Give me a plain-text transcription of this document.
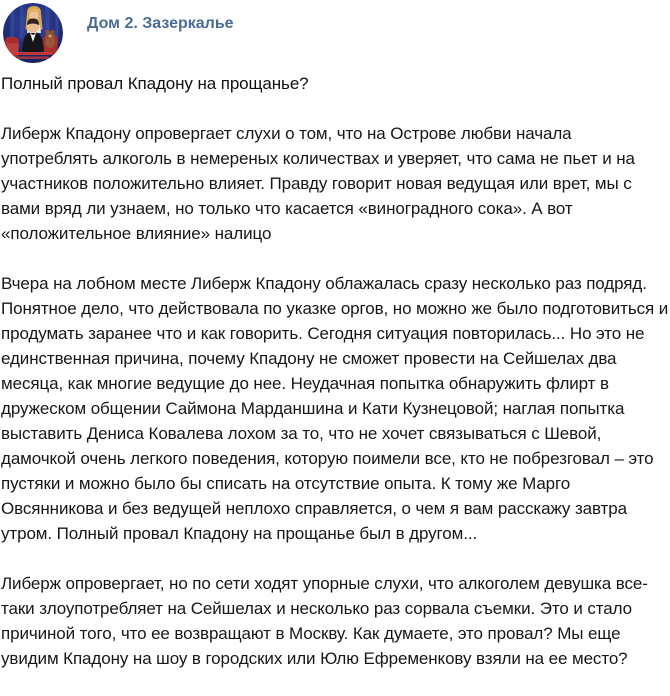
Дом 2. Зазеркалье

Полный провал Кпадону на прощанье?

Либерж Кпадону опровергает слухи о том, что на Острове любви начала употреблять алкоголь в немереных количествах и уверяет, что сама не пьет и на участников положительно влияет. Правду говорит новая ведущая или врет, мы с вами вряд ли узнаем, но только что касается «виноградного сока». А вот «положительное влияние» налицо

Вчера на лобном месте Либерж Кпадону облажалась сразу несколько раз подряд. Понятное дело, что действовала по указке оргов, но можно же было подготовиться и продумать заранее что и как говорить. Сегодня ситуация повторилась... Но это не единственная причина, почему Кпадону не сможет провести на Сейшелах два месяца, как многие ведущие до нее. Неудачная попытка обнаружить флирт в дружеском общении Саймона Марданшина и Кати Кузнецовой; наглая попытка выставить Дениса Ковалева лохом за то, что не хочет связываться с Шевой, дамочкой очень легкого поведения, которую поимели все, кто не побрезговал – это пустяки и можно было бы списать на отсутствие опыта. К тому же Марго Овсянникова и без ведущей неплохо справляется, о чем я вам расскажу завтра утром. Полный провал Кпадону на прощанье был в другом...

Либерж опровергает, но по сети ходят упорные слухи, что алкоголем девушка все-таки злоупотребляет на Сейшелах и несколько раз сорвала съемки. Это и стало причиной того, что ее возвращают в Москву. Как думаете, это провал? Мы еще увидим Кпадону на шоу в городских или Юлю Ефременкову взяли на ее место?
